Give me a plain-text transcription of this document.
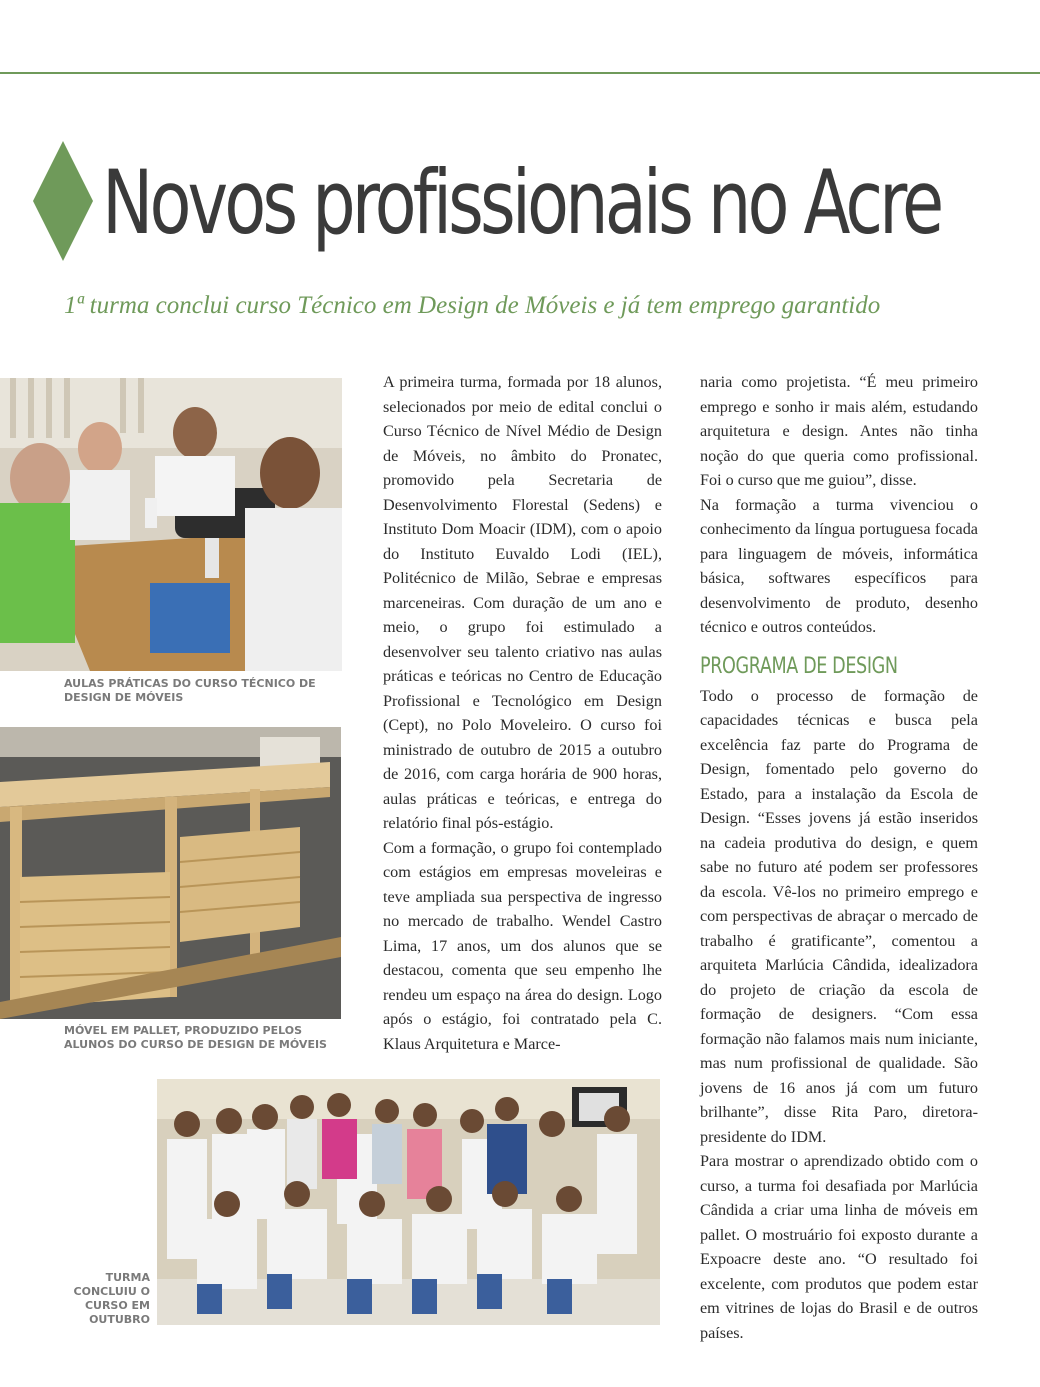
Novos profissionais no Acre

1ª turma conclui curso Técnico em Design de Móveis e já tem emprego garantido

AULAS PRÁTICAS DO CURSO TÉCNICO DE DESIGN DE MÓVEIS

MÓVEL EM PALLET, PRODUZIDO PELOS ALUNOS DO CURSO DE DESIGN DE MÓVEIS

TURMA CONCLUIU O CURSO EM OUTUBRO

A primeira turma, formada por 18 alunos, selecionados por meio de edital conclui o Curso Técnico de Nível Médio de Design de Móveis, no âmbito do Pronatec, promovido pela Secretaria de Desenvolvimento Florestal (Sedens) e Instituto Dom Moacir (IDM), com o apoio do Instituto Euvaldo Lodi (IEL), Politécnico de Milão, Sebrae e empresas marceneiras. Com duração de um ano e meio, o grupo foi estimulado a desenvolver seu talento criativo nas aulas práticas e teóricas no Centro de Educação Profissional e Tecnológico em Design (Cept), no Polo Moveleiro. O curso foi ministrado de outubro de 2015 a outubro de 2016, com carga horária de 900 horas, aulas práticas e teóricas, e entrega do relatório final pós-estágio.

Com a formação, o grupo foi contemplado com estágios em empresas moveleiras e teve ampliada sua perspectiva de ingresso no mercado de trabalho. Wendel Castro Lima, 17 anos, um dos alunos que se destacou, comenta que seu empenho lhe rendeu um espaço na área do design. Logo após o estágio, foi contratado pela C. Klaus Arquitetura e Marce-

naria como projetista. “É meu primeiro emprego e sonho ir mais além, estudando arquitetura e design. Antes não tinha noção do que queria como profissional. Foi o curso que me guiou”, disse.

Na formação a turma vivenciou o conhecimento da língua portuguesa focada para linguagem de móveis, informática básica, softwares específicos para desenvolvimento de produto, desenho técnico e outros conteúdos.

PROGRAMA DE DESIGN

Todo o processo de formação de capacidades técnicas e busca pela excelência faz parte do Programa de Design, fomentado pelo governo do Estado, para a instalação da Escola de Design. “Esses jovens já estão inseridos na cadeia produtiva do design, e quem sabe no futuro até podem ser professores da escola. Vê-los no primeiro emprego e com perspectivas de abraçar o mercado de trabalho é gratificante”, comentou a arquiteta Marlúcia Cândida, idealizadora do projeto de criação da escola de formação de designers. “Com essa formação não falamos mais num iniciante, mas num profissional de qualidade. São jovens de 16 anos já com um futuro brilhante”, disse Rita Paro, diretora-presidente do IDM.

Para mostrar o aprendizado obtido com o curso, a turma foi desafiada por Marlúcia Cândida a criar uma linha de móveis em pallet. O mostruário foi exposto durante a Expoacre deste ano. “O resultado foi excelente, com produtos que podem estar em vitrines de lojas do Brasil e de outros países.
